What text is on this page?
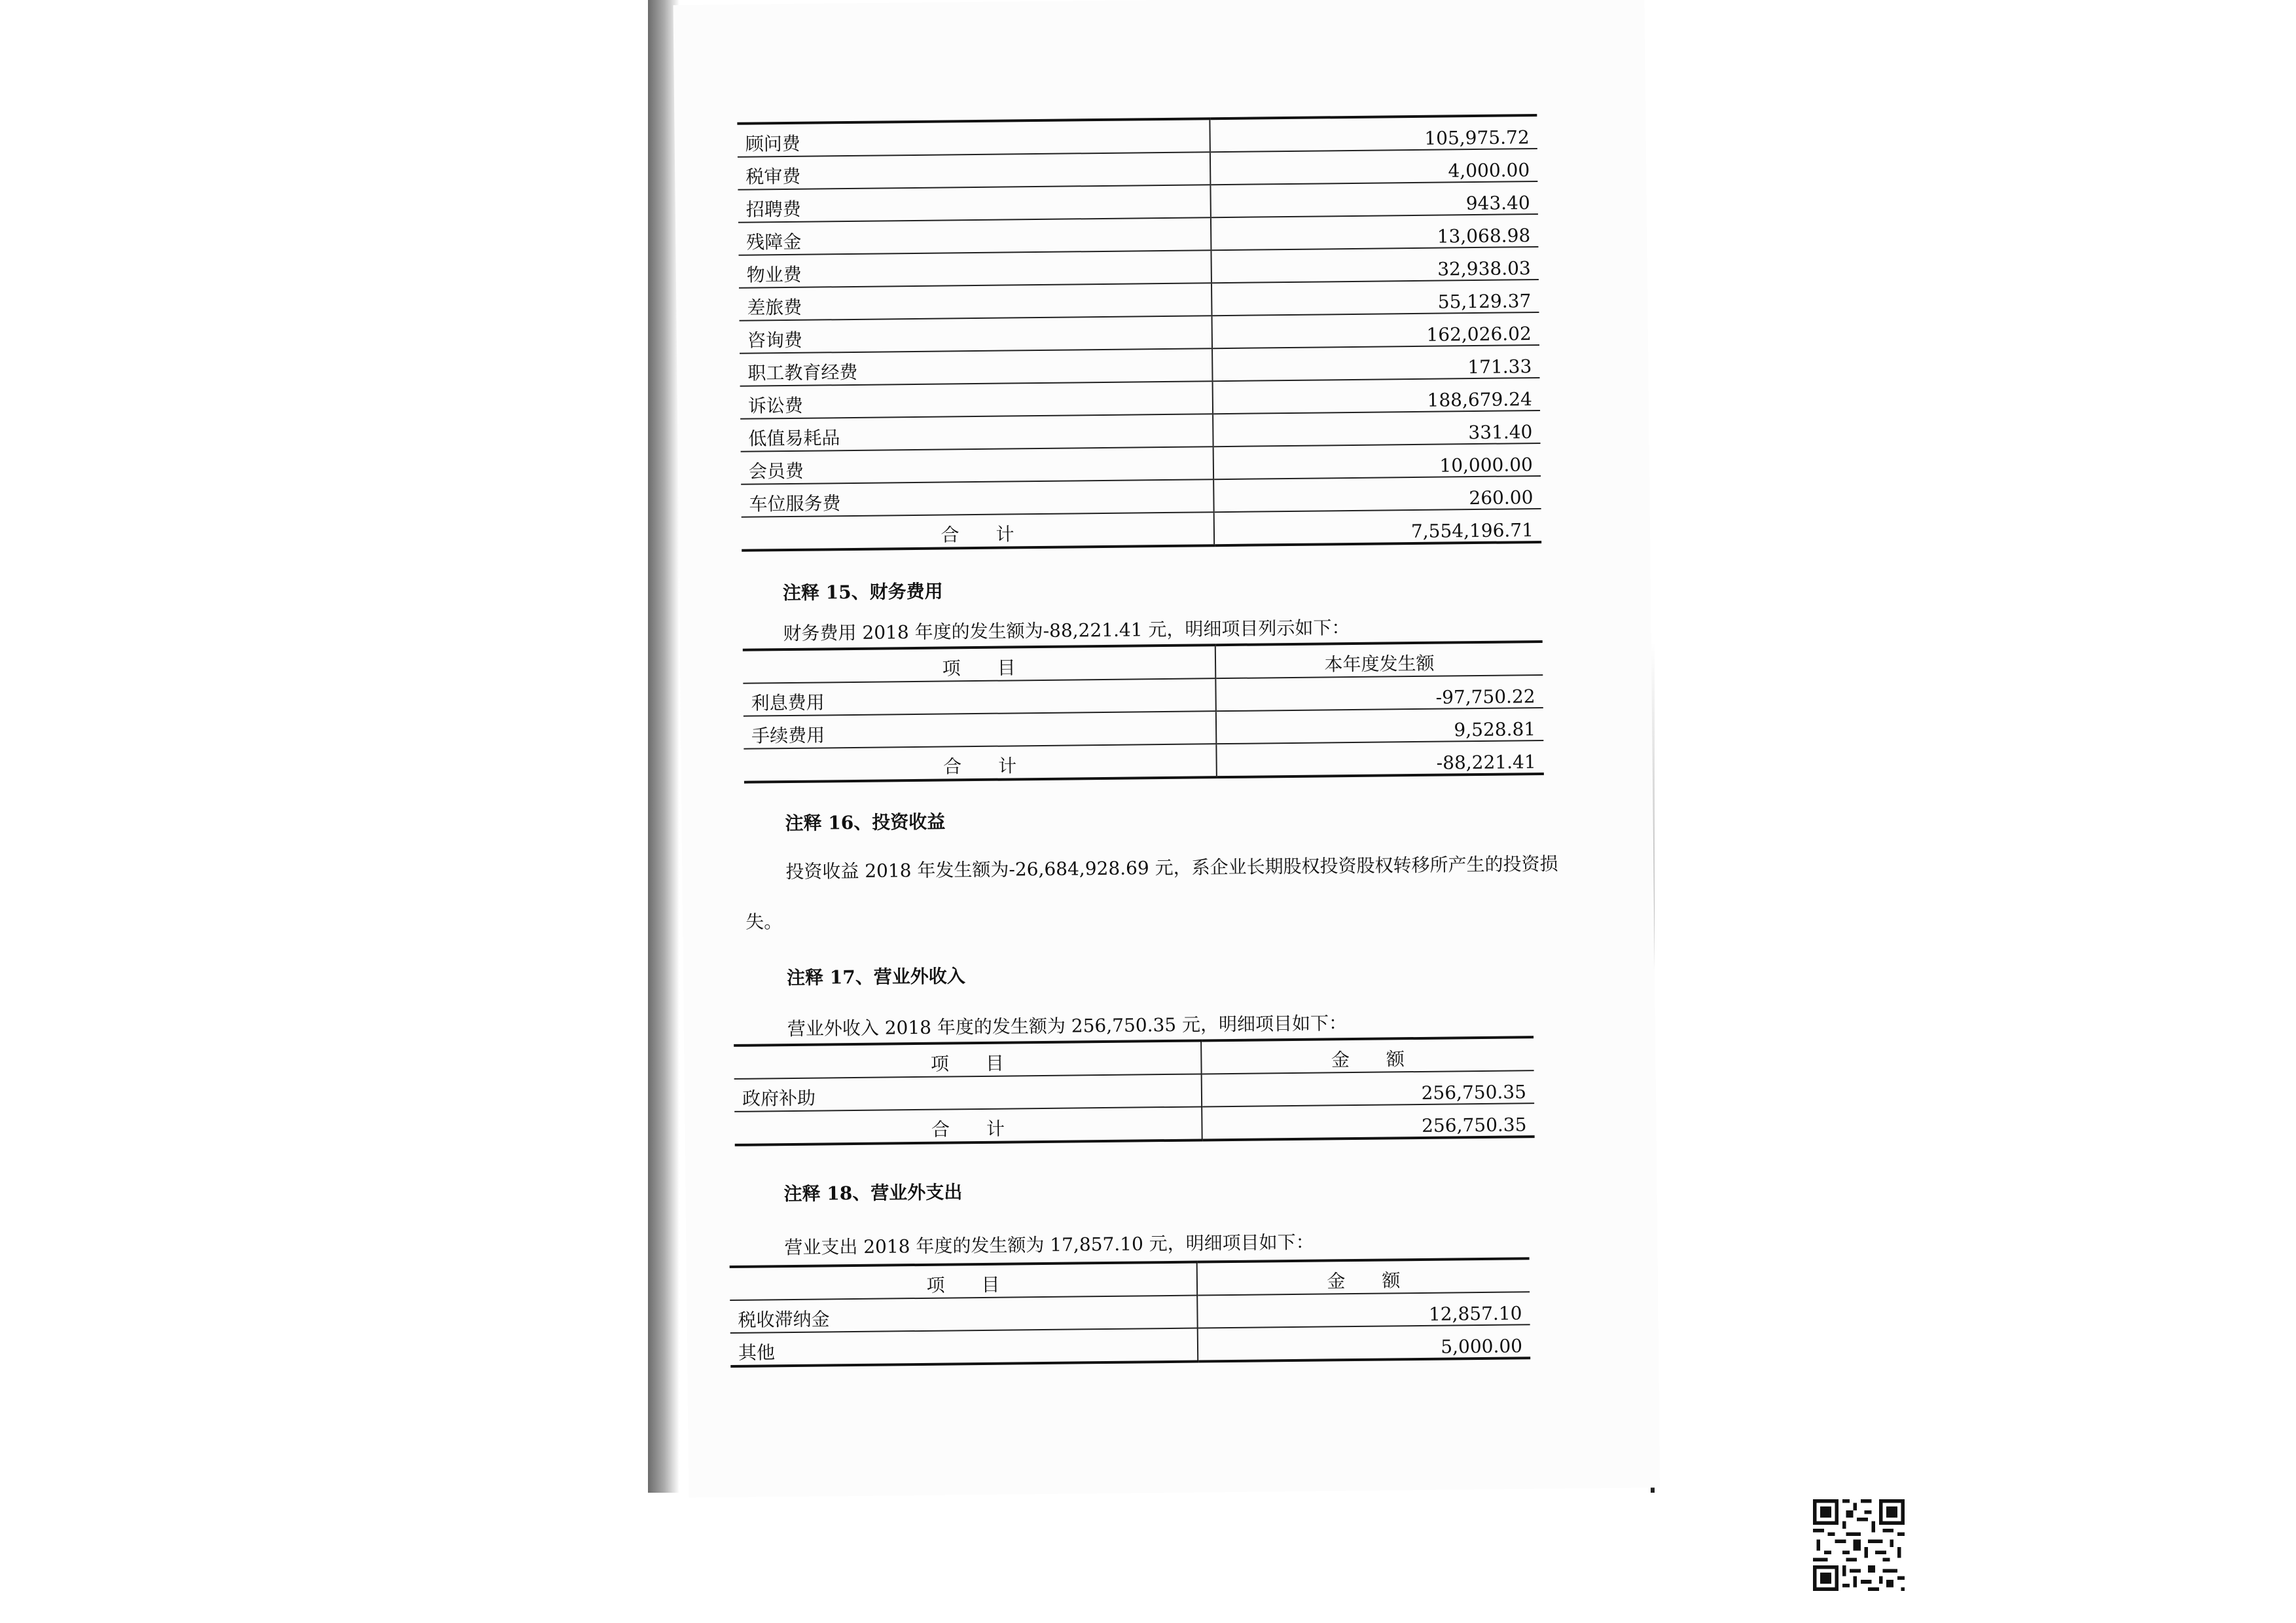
顾问费	105,975.72
税审费	4,000.00
招聘费	943.40
残障金	13,068.98
物业费	32,938.03
差旅费	55,129.37
咨询费	162,026.02
职工教育经费	171.33
诉讼费	188,679.24
低值易耗品	331.40
会员费	10,000.00
车位服务费	260.00
合　　计	7,554,196.71
注释 15、财务费用
财务费用 2018 年度的发生额为-88,221.41 元，明细项目列示如下：
项　　目	本年度发生额
利息费用	-97,750.22
手续费用	9,528.81
合　　计	-88,221.41
注释 16、投资收益
投资收益 2018 年发生额为-26,684,928.69 元，系企业长期股权投资股权转移所产生的投资损
失。
注释 17、营业外收入
营业外收入 2018 年度的发生额为 256,750.35 元，明细项目如下：
项　　目	金　　额
政府补助	256,750.35
合　　计	256,750.35
注释 18、营业外支出
营业支出 2018 年度的发生额为 17,857.10 元，明细项目如下：
项　　目	金　　额
税收滞纳金	12,857.10
其他	5,000.00
